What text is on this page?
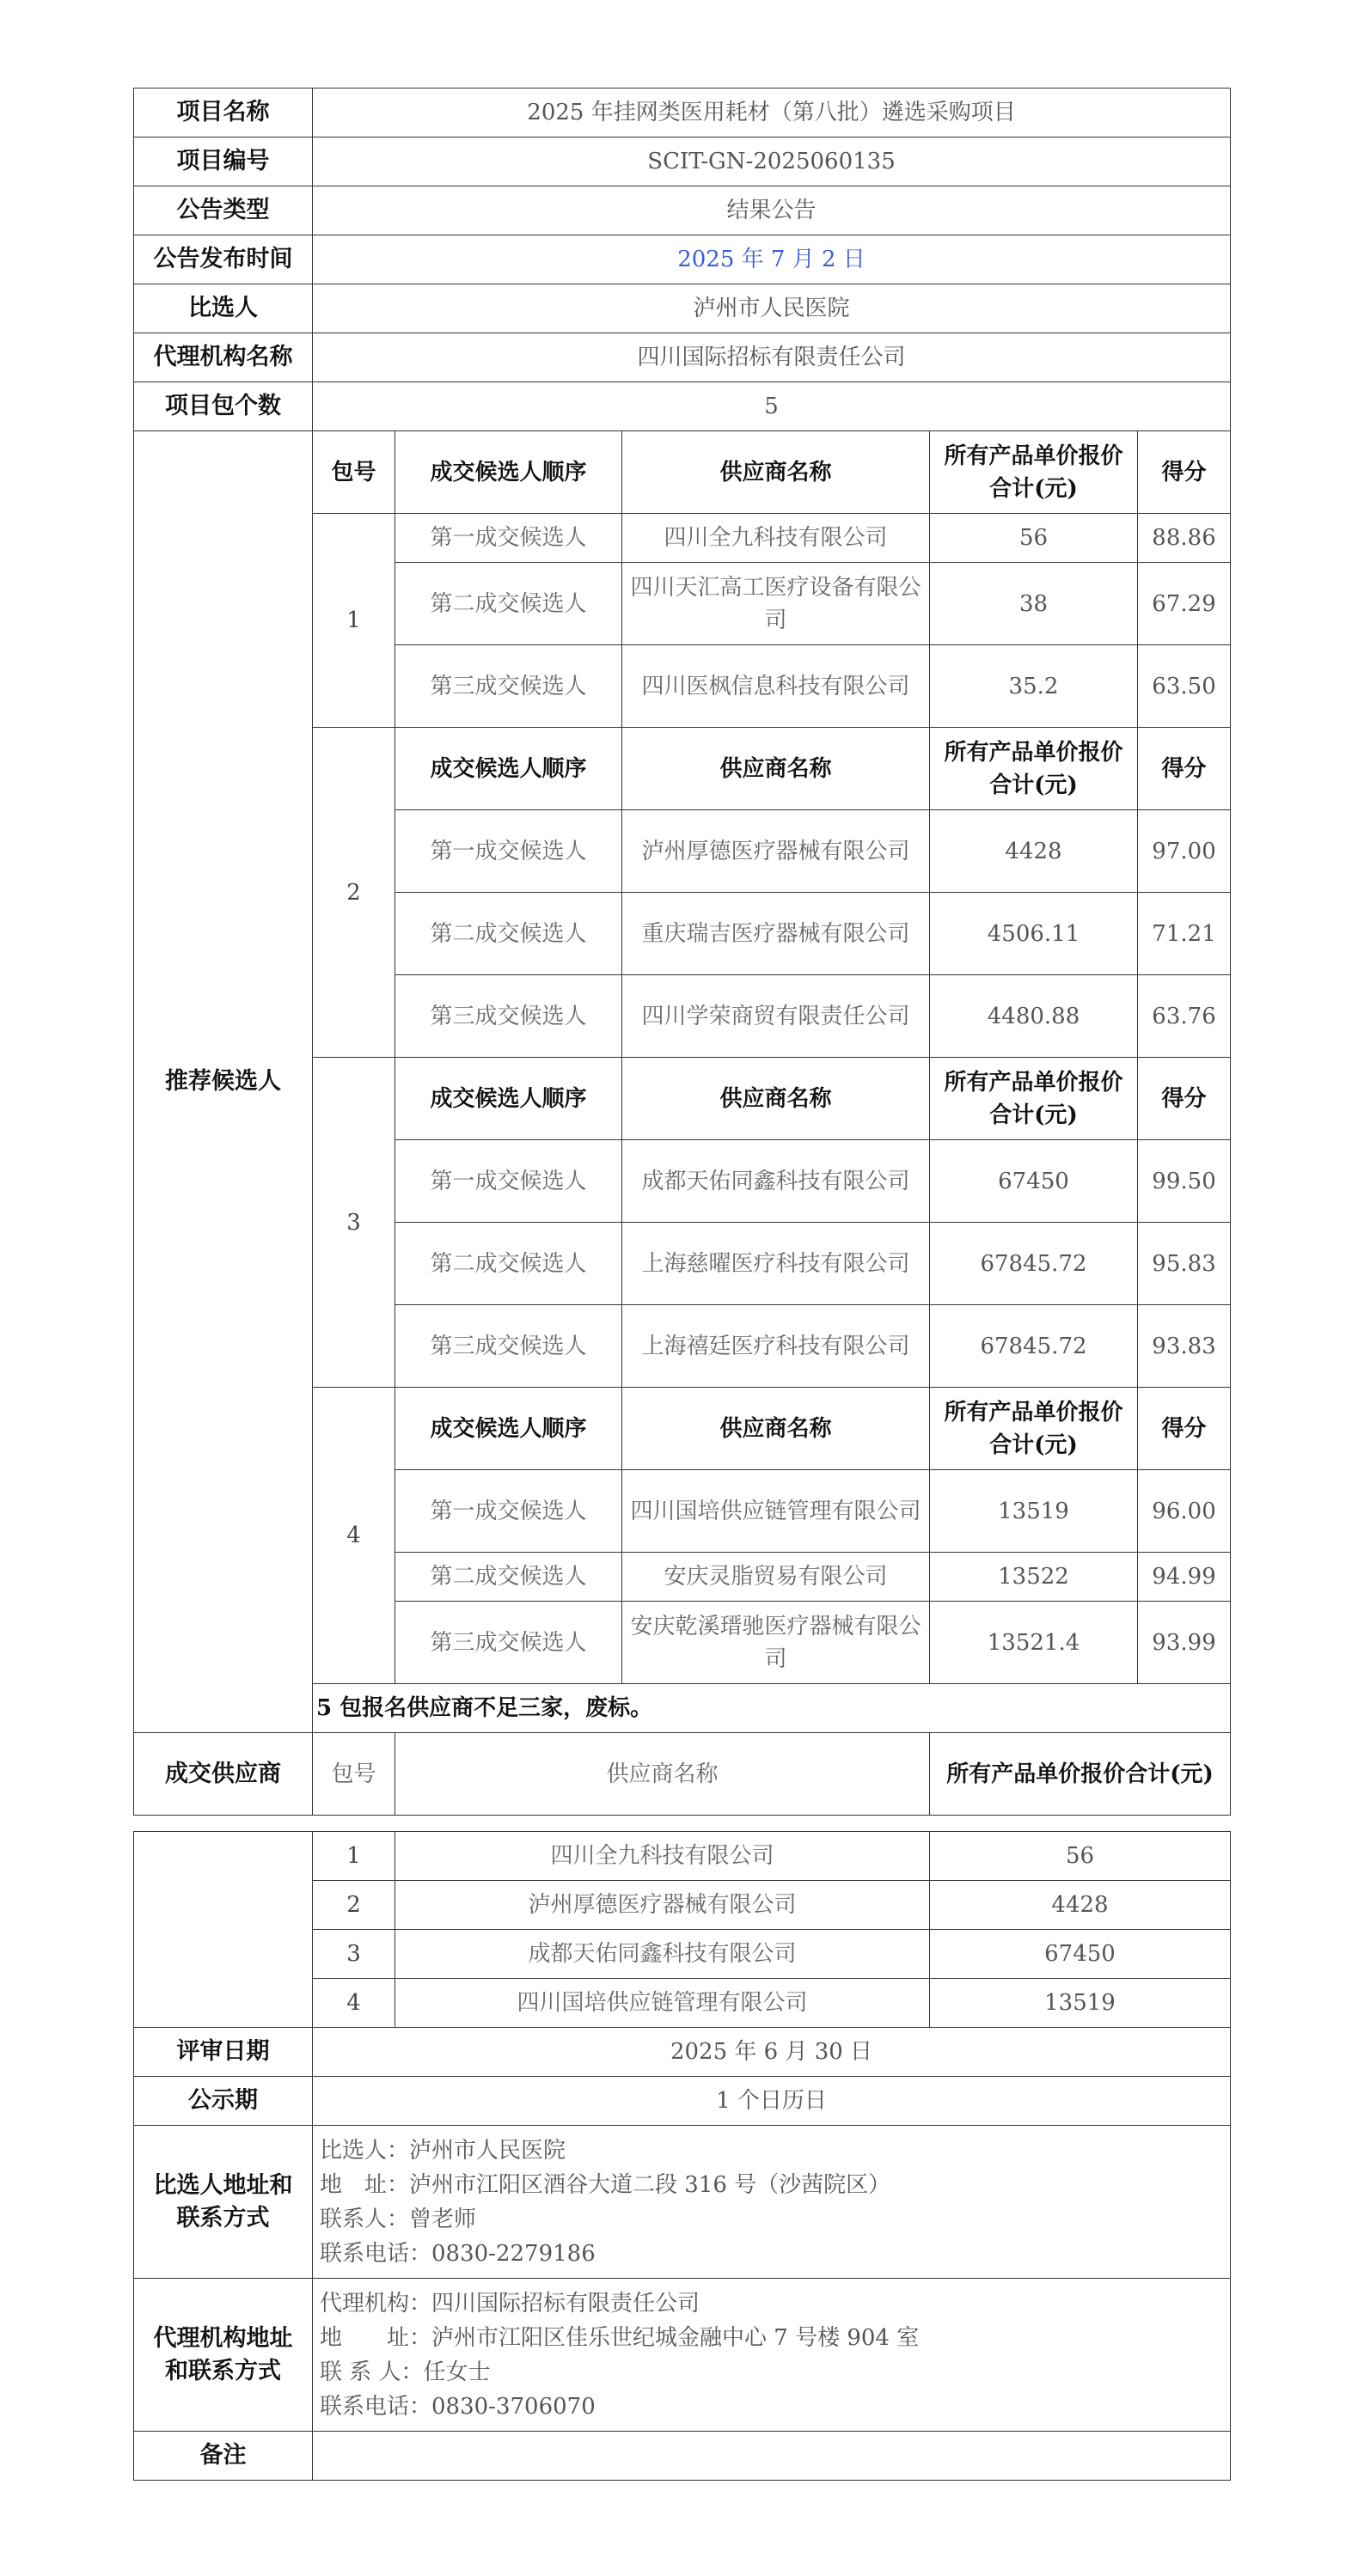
项目名称	2025 年挂网类医用耗材（第八批）遴选采购项目				
项目编号	SCIT-GN-2025060135				
公告类型	结果公告				
公告发布时间	2025 年 7 月 2 日				
比选人	泸州市人民医院				
代理机构名称	四川国际招标有限责任公司				
项目包个数	5				
推荐候选人	包号	成交候选人顺序	供应商名称	所有产品单价报价合计(元)	得分
	1	第一成交候选人	四川全九科技有限公司	56	88.86
		第二成交候选人	四川天汇高工医疗设备有限公司	38	67.29
		第三成交候选人	四川医枫信息科技有限公司	35.2	63.50
	2	成交候选人顺序	供应商名称	所有产品单价报价合计(元)	得分
		第一成交候选人	泸州厚德医疗器械有限公司	4428	97.00
		第二成交候选人	重庆瑞吉医疗器械有限公司	4506.11	71.21
		第三成交候选人	四川学荣商贸有限责任公司	4480.88	63.76
	3	成交候选人顺序	供应商名称	所有产品单价报价合计(元)	得分
		第一成交候选人	成都天佑同鑫科技有限公司	67450	99.50
		第二成交候选人	上海慈曜医疗科技有限公司	67845.72	95.83
		第三成交候选人	上海禧廷医疗科技有限公司	67845.72	93.83
	4	成交候选人顺序	供应商名称	所有产品单价报价合计(元)	得分
		第一成交候选人	四川国培供应链管理有限公司	13519	96.00
		第二成交候选人	安庆灵脂贸易有限公司	13522	94.99
		第三成交候选人	安庆乾溪瑨驰医疗器械有限公司	13521.4	93.99
	5 包报名供应商不足三家，废标。				
成交供应商	包号	供应商名称		所有产品单价报价合计(元)	
	1	四川全九科技有限公司	56
	2	泸州厚德医疗器械有限公司	4428
	3	成都天佑同鑫科技有限公司	67450
	4	四川国培供应链管理有限公司	13519
评审日期	2025 年 6 月 30 日		
公示期	1 个日历日		
比选人地址和联系方式	比选人：泸州市人民医院
地　址：泸州市江阳区酒谷大道二段 316 号（沙茜院区）
联系人：曾老师
联系电话：0830-2279186		

代理机构地址和联系方式	代理机构：四川国际招标有限责任公司
地　　址：泸州市江阳区佳乐世纪城金融中心 7 号楼 904 室
联 系 人：任女士
联系电话：0830-3706070		

备注			
